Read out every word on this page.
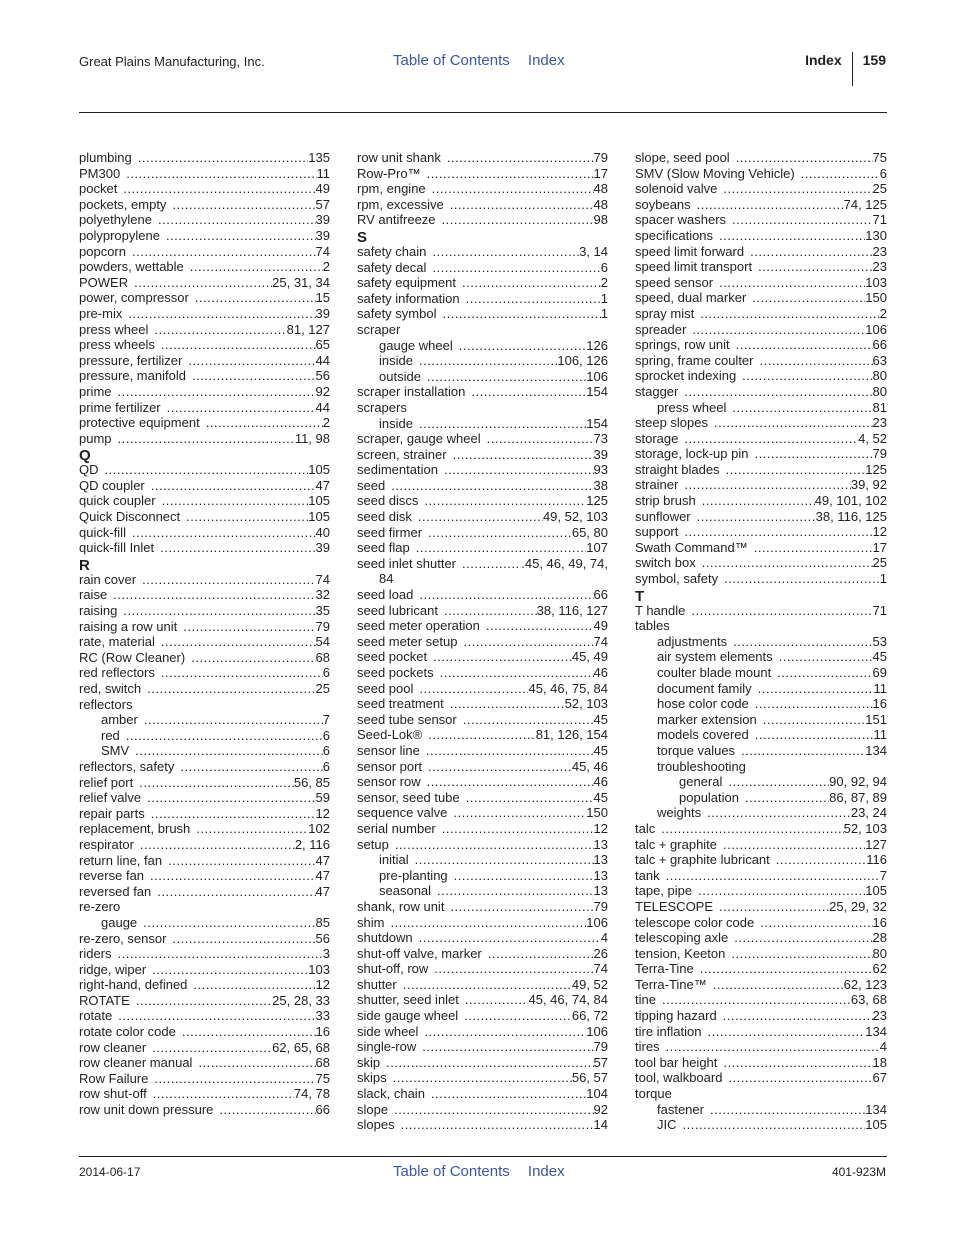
Great Plains Manufacturing, Inc.	Table of Contents Index	Index 159
plumbing .....	135
PM300 .....	11
pocket .....	49
pockets, empty .....	57
polyethylene .....	39
polypropylene .....	39
popcorn .....	74
powders, wettable .....	2
POWER .....	25, 31, 34
power, compressor .....	15
pre-mix .....	39
press wheel .....	81, 127
press wheels .....	65
pressure, fertilizer .....	44
pressure, manifold .....	56
prime .....	92
prime fertilizer .....	44
protective equipment .....	2
pump .....	11, 98
Q
QD .....	105
QD coupler .....	47
quick coupler .....	105
Quick Disconnect .....	105
quick-fill .....	40
quick-fill Inlet .....	39
R
rain cover .....	74
raise .....	32
raising .....	35
raising a row unit .....	79
rate, material .....	54
RC (Row Cleaner) .....	68
red reflectors .....	6
red, switch .....	25
reflectors
amber .....	7
red .....	6
SMV .....	6
reflectors, safety .....	6
relief port .....	56, 85
relief valve .....	59
repair parts .....	12
replacement, brush .....	102
respirator .....	2, 116
return line, fan .....	47
reverse fan .....	47
reversed fan .....	47
re-zero
gauge .....	85
re-zero, sensor .....	56
riders .....	3
ridge, wiper .....	103
right-hand, defined .....	12
ROTATE .....	25, 28, 33
rotate .....	33
rotate color code .....	16
row cleaner .....	62, 65, 68
row cleaner manual .....	68
Row Failure .....	75
row shut-off .....	74, 78
row unit down pressure .....	66
row unit shank .....	79
Row-Pro™ .....	17
rpm, engine .....	48
rpm, excessive .....	48
RV antifreeze .....	98
S
safety chain .....	3, 14
safety decal .....	6
safety equipment .....	2
safety information .....	1
safety symbol .....	1
scraper
gauge wheel .....	126
inside .....	106, 126
outside .....	106
scraper installation .....	154
scrapers
inside .....	154
scraper, gauge wheel .....	73
screen, strainer .....	39
sedimentation .....	93
seed .....	38
seed discs .....	125
seed disk .....	49, 52, 103
seed firmer .....	65, 80
seed flap .....	107
seed inlet shutter .....	.45, 46, 49, 74,
84
seed load .....	66
seed lubricant .....	38, 116, 127
seed meter operation .....	49
seed meter setup .....	74
seed pocket .....	45, 49
seed pockets .....	46
seed pool .....	45, 46, 75, 84
seed treatment .....	52, 103
seed tube sensor .....	45
Seed-Lok® .....	81, 126, 154
sensor line .....	45
sensor port .....	45, 46
sensor row .....	46
sensor, seed tube .....	45
sequence valve .....	150
serial number .....	12
setup .....	13
initial .....	13
pre-planting .....	13
seasonal .....	13
shank, row unit .....	79
shim .....	106
shutdown .....	4
shut-off valve, marker .....	26
shut-off, row .....	74
shutter .....	49, 52
shutter, seed inlet .....	45, 46, 74, 84
side gauge wheel .....	66, 72
side wheel .....	106
single-row .....	79
skip .....	57
skips .....	56, 57
slack, chain .....	104
slope .....	92
slopes .....	14
slope, seed pool .....	75
SMV (Slow Moving Vehicle) .....	6
solenoid valve .....	25
soybeans .....	74, 125
spacer washers .....	71
specifications .....	130
speed limit forward .....	23
speed limit transport .....	23
speed sensor .....	103
speed, dual marker .....	150
spray mist .....	2
spreader .....	106
springs, row unit .....	66
spring, frame coulter .....	63
sprocket indexing .....	80
stagger .....	80
press wheel .....	81
steep slopes .....	23
storage .....	4, 52
storage, lock-up pin .....	79
straight blades .....	125
strainer .....	39, 92
strip brush .....	49, 101, 102
sunflower .....	38, 116, 125
support .....	12
Swath Command™ .....	17
switch box .....	25
symbol, safety .....	1
T
T handle .....	71
tables
adjustments .....	53
air system elements .....	45
coulter blade mount .....	69
document family .....	11
hose color code .....	16
marker extension .....	151
models covered .....	11
torque values .....	134
troubleshooting
general .....	90, 92, 94
population .....	86, 87, 89
weights .....	23, 24
talc .....	52, 103
talc + graphite .....	127
talc + graphite lubricant .....	116
tank .....	7
tape, pipe .....	105
TELESCOPE .....	25, 29, 32
telescope color code .....	16
telescoping axle .....	28
tension, Keeton .....	80
Terra-Tine .....	62
Terra-Tine™ .....	62, 123
tine .....	63, 68
tipping hazard .....	23
tire inflation .....	134
tires .....	4
tool bar height .....	18
tool, walkboard .....	67
torque
fastener .....	134
JIC .....	105
2014-06-17	Table of Contents Index	401-923M
